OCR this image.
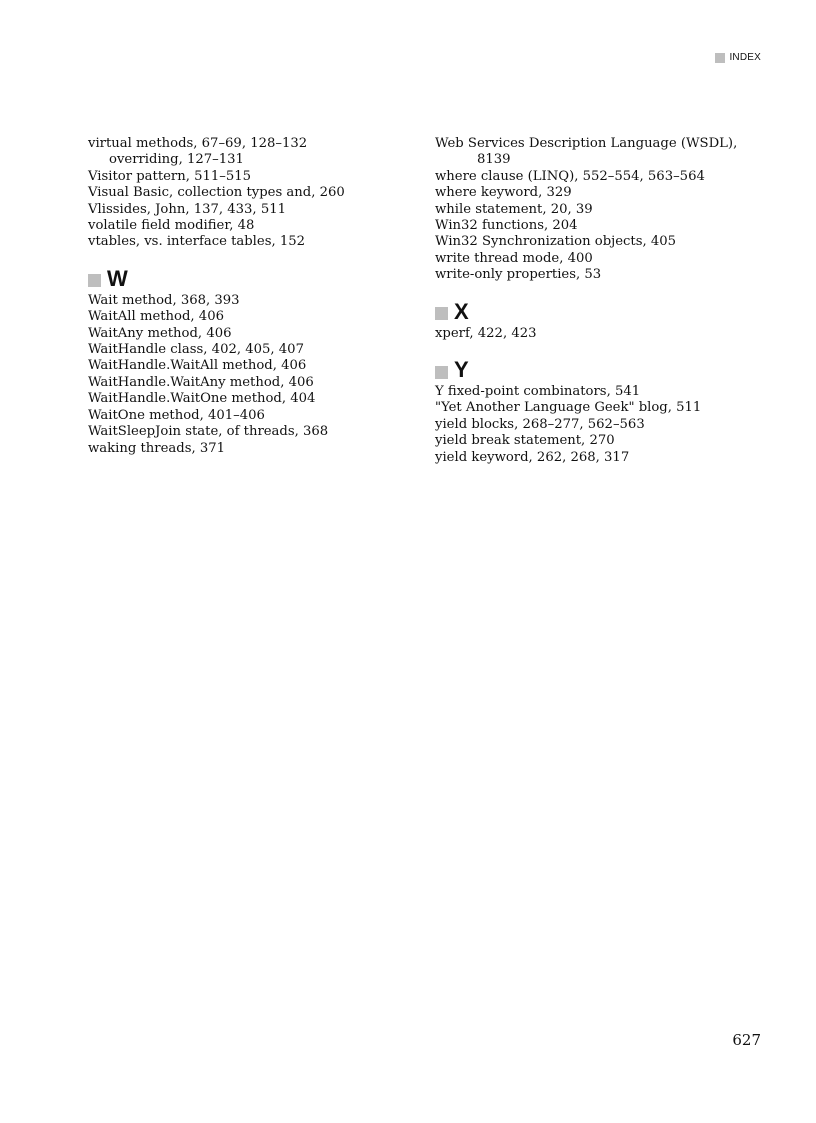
INDEX
virtual methods, 67–69, 128–132
overriding, 127–131
Visitor pattern, 511–515
Visual Basic, collection types and, 260
Vlissides, John, 137, 433, 511
volatile field modifier, 48
vtables, vs. interface tables, 152
W
Wait method, 368, 393
WaitAll method, 406
WaitAny method, 406
WaitHandle class, 402, 405, 407
WaitHandle.WaitAll method, 406
WaitHandle.WaitAny method, 406
WaitHandle.WaitOne method, 404
WaitOne method, 401–406
WaitSleepJoin state, of threads, 368
waking threads, 371
Web Services Description Language (WSDL),
8139
where clause (LINQ), 552–554, 563–564
where keyword, 329
while statement, 20, 39
Win32 functions, 204
Win32 Synchronization objects, 405
write thread mode, 400
write-only properties, 53
X
xperf, 422, 423
Y
Y fixed-point combinators, 541
"Yet Another Language Geek" blog, 511
yield blocks, 268–277, 562–563
yield break statement, 270
yield keyword, 262, 268, 317
627
